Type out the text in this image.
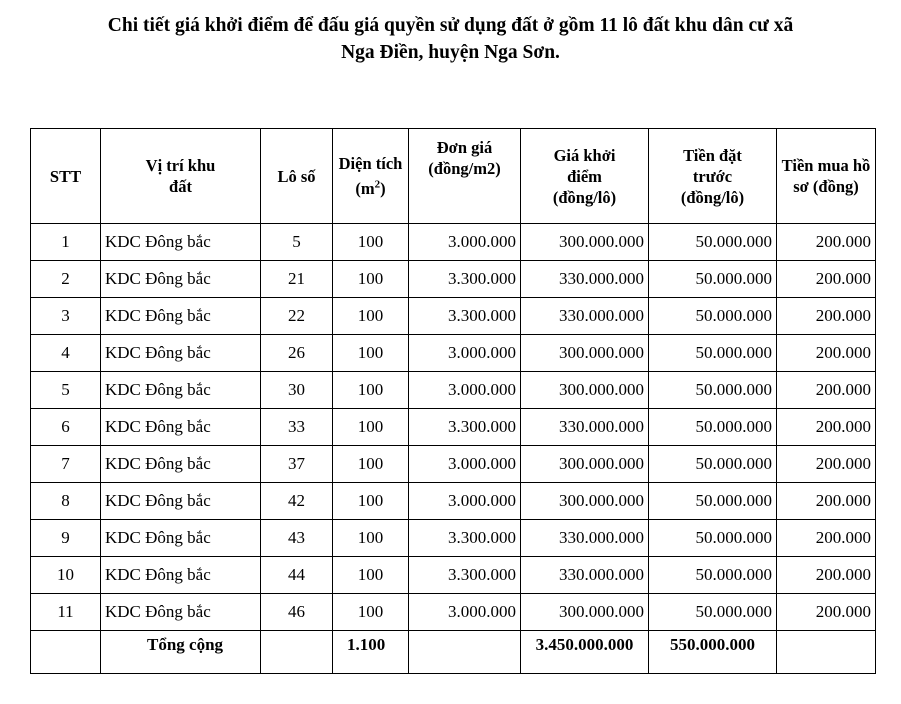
Chi tiết giá khởi điểm để đấu giá quyền sử dụng đất ở gồm 11 lô đất khu dân cư xã
Nga Điền, huyện Nga Sơn.
STT	Vị trí khu đất	Lô số	Diện tích
$(m^2)$	Đơn giá (đồng/m2)	Giá khởi điểm (đồng/lô)	Tiền đặt trước (đồng/lô)	Tiền mua hồ sơ (đồng)
1	KDC Đông bắc	5	100	3.000.000	300.000.000	50.000.000	200.000
2	KDC Đông bắc	21	100	3.300.000	330.000.000	50.000.000	200.000
3	KDC Đông bắc	22	100	3.300.000	330.000.000	50.000.000	200.000
4	KDC Đông bắc	26	100	3.000.000	300.000.000	50.000.000	200.000
5	KDC Đông bắc	30	100	3.000.000	300.000.000	50.000.000	200.000
6	KDC Đông bắc	33	100	3.300.000	330.000.000	50.000.000	200.000
7	KDC Đông bắc	37	100	3.000.000	300.000.000	50.000.000	200.000
8	KDC Đông bắc	42	100	3.000.000	300.000.000	50.000.000	200.000
9	KDC Đông bắc	43	100	3.300.000	330.000.000	50.000.000	200.000
10	KDC Đông bắc	44	100	3.300.000	330.000.000	50.000.000	200.000
11	KDC Đông bắc	46	100	3.000.000	300.000.000	50.000.000	200.000
	Tổng cộng		1.100		3.450.000.000	550.000.000	
